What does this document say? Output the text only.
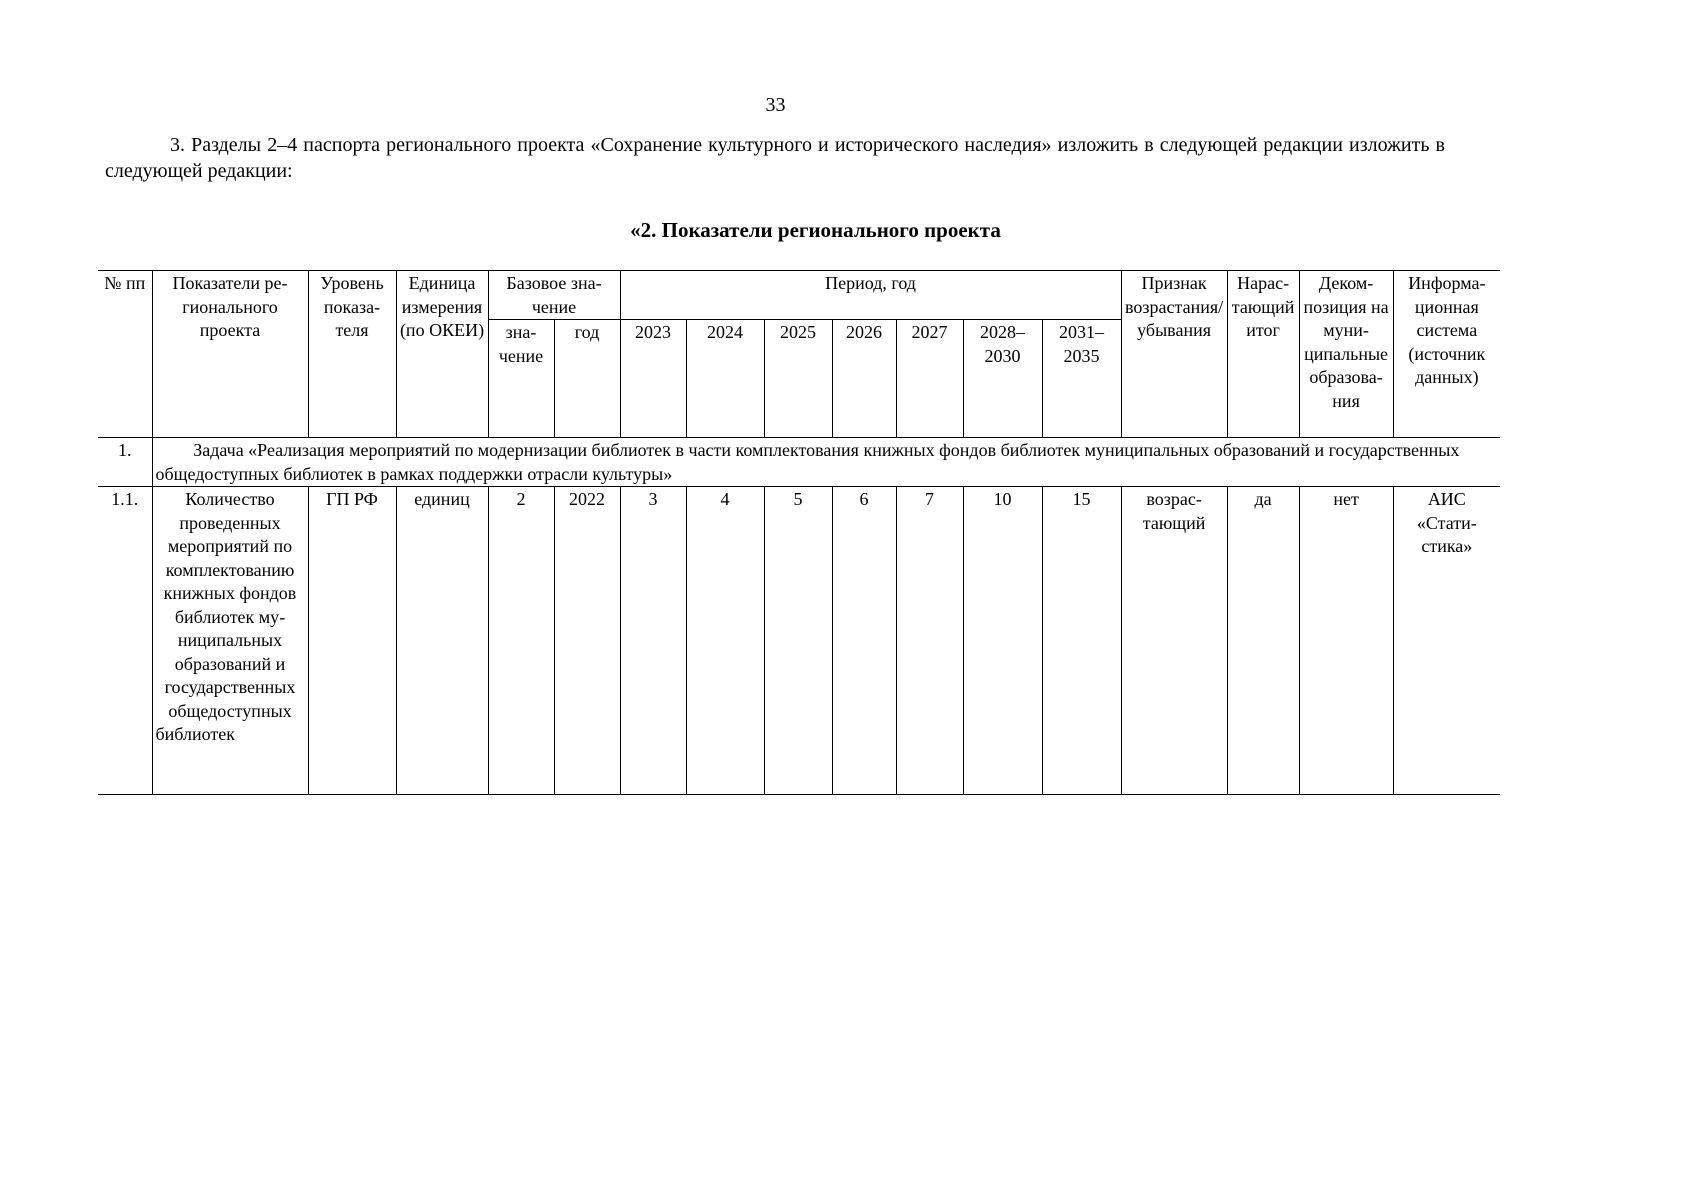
33

3. Разделы 2–4 паспорта регионального проекта «Сохранение культурного и исторического наследия» изложить в следующей редакции изложить в следующей редакции:

«2. Показатели регионального проекта
№ пп	Показатели регионального проекта	Уровень показателя	Единица измерения (по ОКЕИ)	Базовое значение		Период, год							Признак возрастания/ убывания	Нарастающий итог	Декомпозиция на муниципальные образования	Информационная система (источник данных)
				значение	год	2023	2024	2025	2026	2027	2028– 2030	2031– 2035				
1.	Задача «Реализация мероприятий по модернизации библиотек в части комплектования книжных фондов библиотек муниципальных образований и государственных общедоступных библиотек в рамках поддержки отрасли культуры»															
1.1.	Количество проведенных мероприятий по комплектованию книжных фондов библиотек муниципальных образований и государственных общедоступных библиотек	ГП РФ	единиц	2	2022	3	4	5	6	7	10	15	возрастающий	да	нет	АИС «Статистика»
